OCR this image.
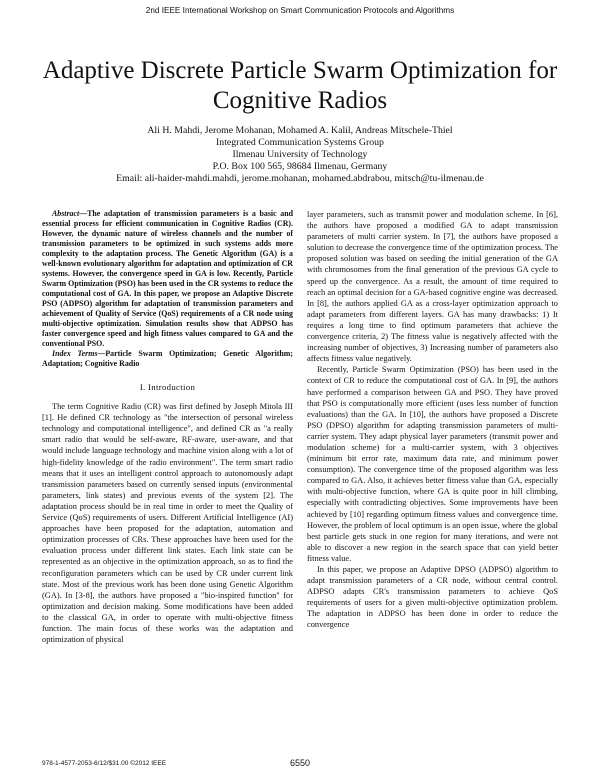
2nd IEEE International Workshop on Smart Communication Protocols and Algorithms
Adaptive Discrete Particle Swarm Optimization for Cognitive Radios
Ali H. Mahdi, Jerome Mohanan, Mohamed A. Kalil, Andreas Mitschele-Thiel
Integrated Communication Systems Group
Ilmenau University of Technology
P.O. Box 100 565, 98684 Ilmenau, Germany
Email: ali-haider-mahdi.mahdi, jerome.mohanan, mohamed.abdrabou, mitsch@tu-ilmenau.de

Abstract—The adaptation of transmission parameters is a basic and essential process for efficient communication in Cognitive Radios (CR). However, the dynamic nature of wireless channels and the number of transmission parameters to be optimized in such systems adds more complexity to the adaptation process. The Genetic Algorithm (GA) is a well-known evolutionary algorithm for adaptation and optimization of CR systems. However, the convergence speed in GA is low. Recently, Particle Swarm Optimization (PSO) has been used in the CR systems to reduce the computational cost of GA. In this paper, we propose an Adaptive Discrete PSO (ADPSO) algorithm for adaptation of transmission parameters and achievement of Quality of Service (QoS) requirements of a CR node using multi-objective optimization. Simulation results show that ADPSO has faster convergence speed and high fitness values compared to GA and the conventional PSO.

Index Terms—Particle Swarm Optimization; Genetic Algorithm; Adaptation; Cognitive Radio

I. Introduction

The term Cognitive Radio (CR) was first defined by Joseph Mitola III [1]. He defined CR technology as "the intersection of personal wireless technology and computational intelligence", and defined CR as "a really smart radio that would be self-aware, RF-aware, user-aware, and that would include language technology and machine vision along with a lot of high-fidelity knowledge of the radio environment". The term smart radio means that it uses an intelligent control approach to autonomously adapt transmission parameters based on currently sensed inputs (environmental parameters, link states) and previous events of the system [2]. The adaptation process should be in real time in order to meet the Quality of Service (QoS) requirements of users. Different Artificial Intelligence (AI) approaches have been proposed for the adaptation, automation and optimization processes of CRs. These approaches have been used for the evaluation process under different link states. Each link state can be represented as an objective in the optimization approach, so as to find the reconfiguration parameters which can be used by CR under current link state. Most of the previous work has been done using Genetic Algorithm (GA). In [3-8], the authors have proposed a "bio-inspired function" for optimization and decision making. Some modifications have been added to the classical GA, in order to operate with multi-objective fitness function. The main focus of these works was the adaptation and optimization of physical

layer parameters, such as transmit power and modulation scheme. In [6], the authors have proposed a modified GA to adapt transmission parameters of multi carrier system. In [7], the authors have proposed a solution to decrease the convergence time of the optimization process. The proposed solution was based on seeding the initial generation of the GA with chromosomes from the final generation of the previous GA cycle to speed up the convergence. As a result, the amount of time required to reach an optimal decision for a GA-based cognitive engine was decreased. In [8], the authors applied GA as a cross-layer optimization approach to adapt parameters from different layers. GA has many drawbacks: 1) It requires a long time to find optimum parameters that achieve the convergence criteria, 2) The fitness value is negatively affected with the increasing number of objectives, 3) Increasing number of parameters also affects fitness value negatively.

Recently, Particle Swarm Optimization (PSO) has been used in the context of CR to reduce the computational cost of GA. In [9], the authors have performed a comparison between GA and PSO. They have proved that PSO is computationally more efficient (uses less number of function evaluations) than the GA. In [10], the authors have proposed a Discrete PSO (DPSO) algorithm for adapting transmission parameters of multi-carrier system. They adapt physical layer parameters (transmit power and modulation scheme) for a multi-carrier system, with 3 objectives (minimum bit error rate, maximum data rate, and minimum power consumption). The convergence time of the proposed algorithm was less compared to GA. Also, it achieves better fitness value than GA, especially with multi-objective function, where GA is quite poor in hill climbing, especially with contradicting objectives. Some improvements have been achieved by [10] regarding optimum fitness values and convergence time. However, the problem of local optimum is an open issue, where the global best particle gets stuck in one region for many iterations, and were not able to discover a new region in the search space that can yield better fitness value.

In this paper, we propose an Adaptive DPSO (ADPSO) algorithm to adapt transmission parameters of a CR node, without central control. ADPSO adapts CR's transmission parameters to achieve QoS requirements of users for a given multi-objective optimization problem. The adaptation in ADPSO has been done in order to reduce the convergence

978-1-4577-2053-6/12/$31.00 ©2012 IEEE	6550
